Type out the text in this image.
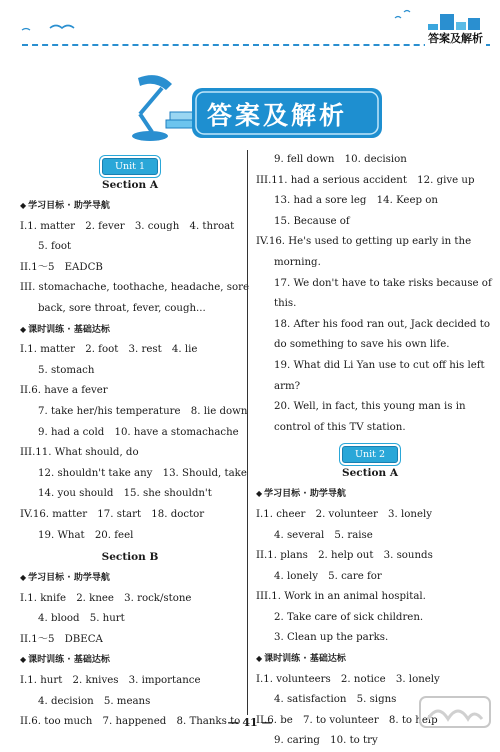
答案及解析
答案及解析
Unit 1
Section A
◆ 学习目标 · 助学导航
I.1. matter　2. fever　3. cough　4. throat
5. foot
II.1～5　EADCB
III. stomachache, toothache, headache, sore
back, sore throat, fever, cough...
◆ 课时训练 · 基础达标
I.1. matter　2. foot　3. rest　4. lie
5. stomach
II.6. have a fever
7. take her/his temperature　8. lie down
9. had a cold　10. have a stomachache
III.11. What should, do
12. shouldn't take any　13. Should, take
14. you should　15. she shouldn't
IV.16. matter　17. start　18. doctor
19. What　20. feel
Section B
◆ 学习目标 · 助学导航
I.1. knife　2. knee　3. rock/stone
4. blood　5. hurt
II.1～5　DBECA
◆ 课时训练 · 基础达标
I.1. hurt　2. knives　3. importance
4. decision　5. means
II.6. too much　7. happened　8. Thanks to
9. fell down　10. decision
III.11. had a serious accident　12. give up
13. had a sore leg　14. Keep on
15. Because of
IV.16. He's used to getting up early in the
morning.
17. We don't have to take risks because of
this.
18. After his food ran out, Jack decided to
do something to save his own life.
19. What did Li Yan use to cut off his left
arm?
20. Well, in fact, this young man is in
control of this TV station.
Unit 2
Section A
◆ 学习目标 · 助学导航
I.1. cheer　2. volunteer　3. lonely
4. several　5. raise
II.1. plans　2. help out　3. sounds
4. lonely　5. care for
III.1. Work in an animal hospital.
2. Take care of sick children.
3. Clean up the parks.
◆ 课时训练 · 基础达标
I.1. volunteers　2. notice　3. lonely
4. satisfaction　5. signs
II.6. be　7. to volunteer　8. to help
9. caring　10. to try
— 41 —
